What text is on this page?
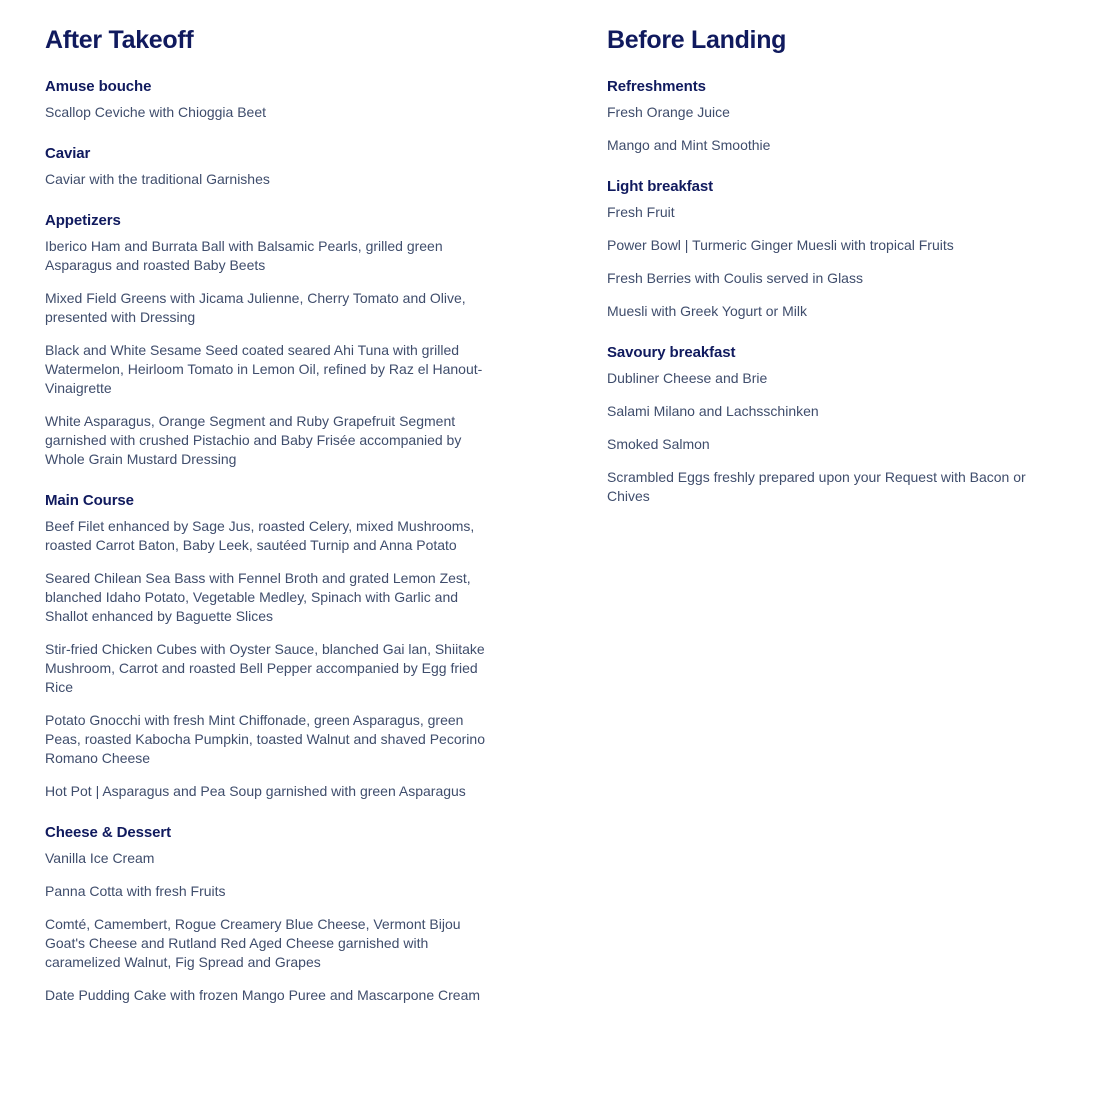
After Takeoff
Amuse bouche

Scallop Ceviche with Chioggia Beet

Caviar

Caviar with the traditional Garnishes

Appetizers

Iberico Ham and Burrata Ball with Balsamic Pearls, grilled green Asparagus and roasted Baby Beets

Mixed Field Greens with Jicama Julienne, Cherry Tomato and Olive, presented with Dressing

Black and White Sesame Seed coated seared Ahi Tuna with grilled Watermelon, Heirloom Tomato in Lemon Oil, refined by Raz el Hanout-Vinaigrette

White Asparagus, Orange Segment and Ruby Grapefruit Segment garnished with crushed Pistachio and Baby Frisée accompanied by Whole Grain Mustard Dressing

Main Course

Beef Filet enhanced by Sage Jus, roasted Celery, mixed Mushrooms, roasted Carrot Baton, Baby Leek, sautéed Turnip and Anna Potato

Seared Chilean Sea Bass with Fennel Broth and grated Lemon Zest, blanched Idaho Potato, Vegetable Medley, Spinach with Garlic and Shallot enhanced by Baguette Slices

Stir-fried Chicken Cubes with Oyster Sauce, blanched Gai lan, Shiitake Mushroom, Carrot and roasted Bell Pepper accompanied by Egg fried Rice

Potato Gnocchi with fresh Mint Chiffonade, green Asparagus, green Peas, roasted Kabocha Pumpkin, toasted Walnut and shaved Pecorino Romano Cheese

Hot Pot | Asparagus and Pea Soup garnished with green Asparagus

Cheese & Dessert

Vanilla Ice Cream

Panna Cotta with fresh Fruits

Comté, Camembert, Rogue Creamery Blue Cheese, Vermont Bijou Goat's Cheese and Rutland Red Aged Cheese garnished with caramelized Walnut, Fig Spread and Grapes

Date Pudding Cake with frozen Mango Puree and Mascarpone Cream

Before Landing
Refreshments

Fresh Orange Juice

Mango and Mint Smoothie

Light breakfast

Fresh Fruit

Power Bowl | Turmeric Ginger Muesli with tropical Fruits

Fresh Berries with Coulis served in Glass

Muesli with Greek Yogurt or Milk

Savoury breakfast

Dubliner Cheese and Brie

Salami Milano and Lachsschinken

Smoked Salmon

Scrambled Eggs freshly prepared upon your Request with Bacon or Chives
